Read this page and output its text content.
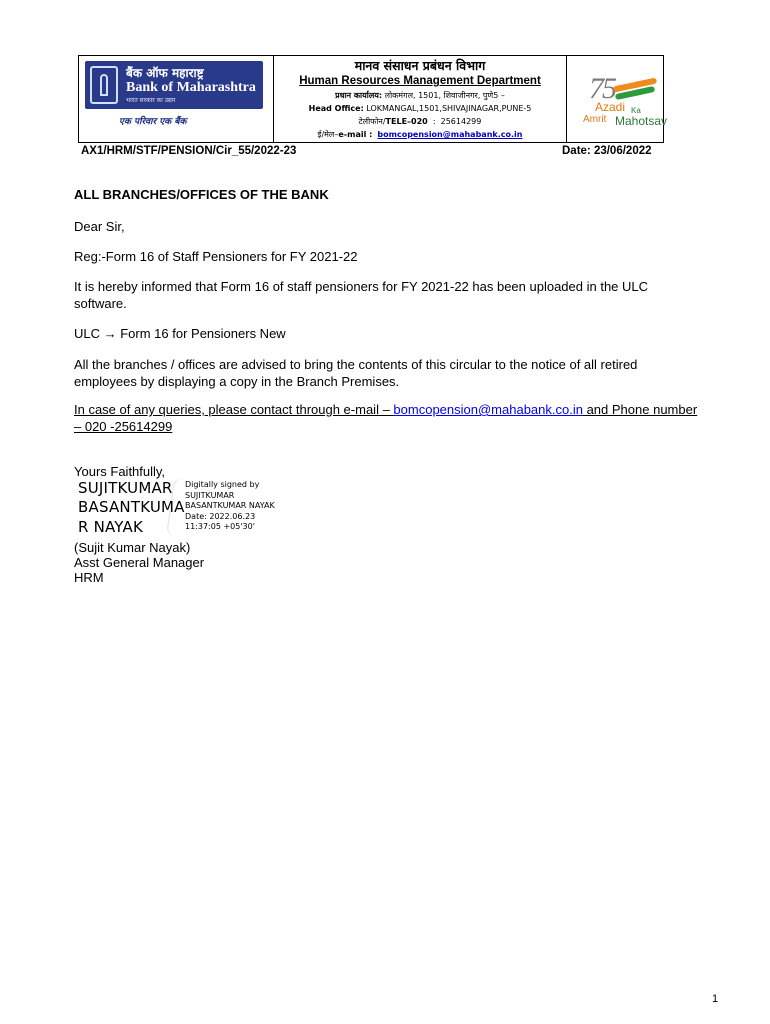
बैंक ऑफ महाराष्ट्र
Bank of Maharashtra
भारत सरकार का उद्यम
एक परिवार एक बैंक
मानव संसाधन प्रबंधन विभाग
Human Resources Management Department
प्रधान कार्यालय: लोकमंगल, 1501, शिवाजीनगर, पुणे5 –
Head Office: LOKMANGAL,1501,SHIVAJINAGAR,PUNE-5
टेलीफोन/TELE–020 : 25614299
ई/मेल–e-mail : bomcopension@mahabank.co.in
75
Azadi Ka
Amrit Mahotsav
AX1/HRM/STF/PENSION/Cir_55/2022-23	Date: 23/06/2022
ALL BRANCHES/OFFICES OF THE BANK
Dear Sir,
Reg:-Form 16 of Staff Pensioners for FY 2021-22
It is hereby informed that Form 16 of staff pensioners for FY 2021-22 has been uploaded in the ULC software.
ULC → Form 16 for Pensioners New
All the branches / offices are advised to bring the contents of this circular to the notice of all retired employees by displaying a copy in the Branch Premises.
In case of any queries, please contact through e-mail – bomcopension@mahabank.co.in and Phone number – 020 -25614299
Yours Faithfully,
SUJITKUMAR
BASANTKUMA
R NAYAK
Digitally signed by
SUJITKUMAR
BASANTKUMAR NAYAK
Date: 2022.06.23
11:37:05 +05'30'
(Sujit Kumar Nayak)
Asst General Manager
HRM
1
